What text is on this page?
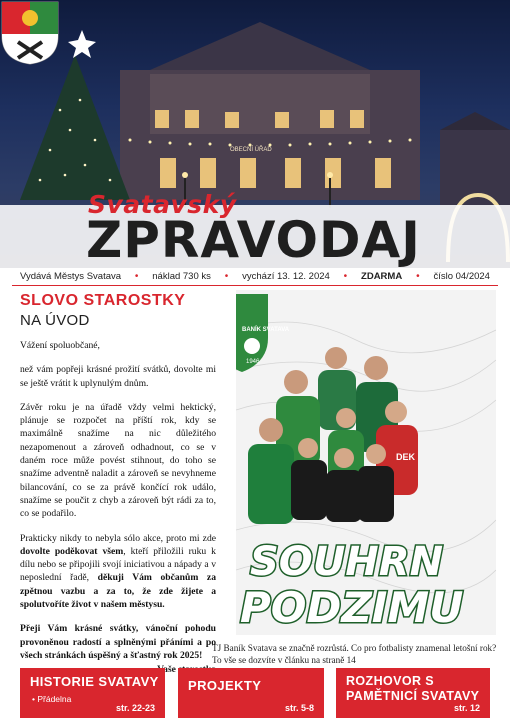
OBECNÍ ÚŘAD
Svatavský
ZPRAVODAJ
Vydává Městys Svatava • náklad 730 ks • vychází 13. 12. 2024 • ZDARMA • číslo 04/2024
SLOVO STAROSTKY
NA ÚVOD
Vážení spoluobčané,
než vám popřeji krásné prožití svátků, dovolte mi se ještě vrátit k uplynulým dnům.
Závěr roku je na úřadě vždy velmi hektický, plánuje se rozpočet na příští rok, kdy se maximálně snažíme na nic důležitého nezapomenout a zároveň odhadnout, co se v daném roce může povést stihnout, do toho se snažíme adventně naladit a zároveň se nevyhneme bilancování, co se za právě končící rok událo, snažíme se poučit z chyb a zároveň být rádi za to, co se podařilo.
Prakticky nikdy to nebyla sólo akce, proto mi zde dovolte poděkovat všem, kteří přiložili ruku k dílu nebo se připojili svojí iniciativou a nápady a v neposlední řadě, děkuji Vám občanům za zpětnou vazbu a za to, že zde žijete a spolutvoříte život v našem městysu.
Přeji Vám krásné svátky, vánoční pohodu provoněnou radostí a splněnými přáními a po všech stránkách úspěšný a šťastný rok 2025!
Vaše
BANÍK SVATAVA
1946
DEK
SOUHRN
PODZIMU
TJ Baník Svatava se značně rozrůstá. Co pro fotbalisty znamenal letošní rok? To vše se dozvíte v článku na straně 14
HISTORIE SVATAVY
• Přádelna
str. 22-23
PROJEKTY
str. 5-8
ROZHOVOR S PAMĚTNICÍ SVATAVY
str. 12
